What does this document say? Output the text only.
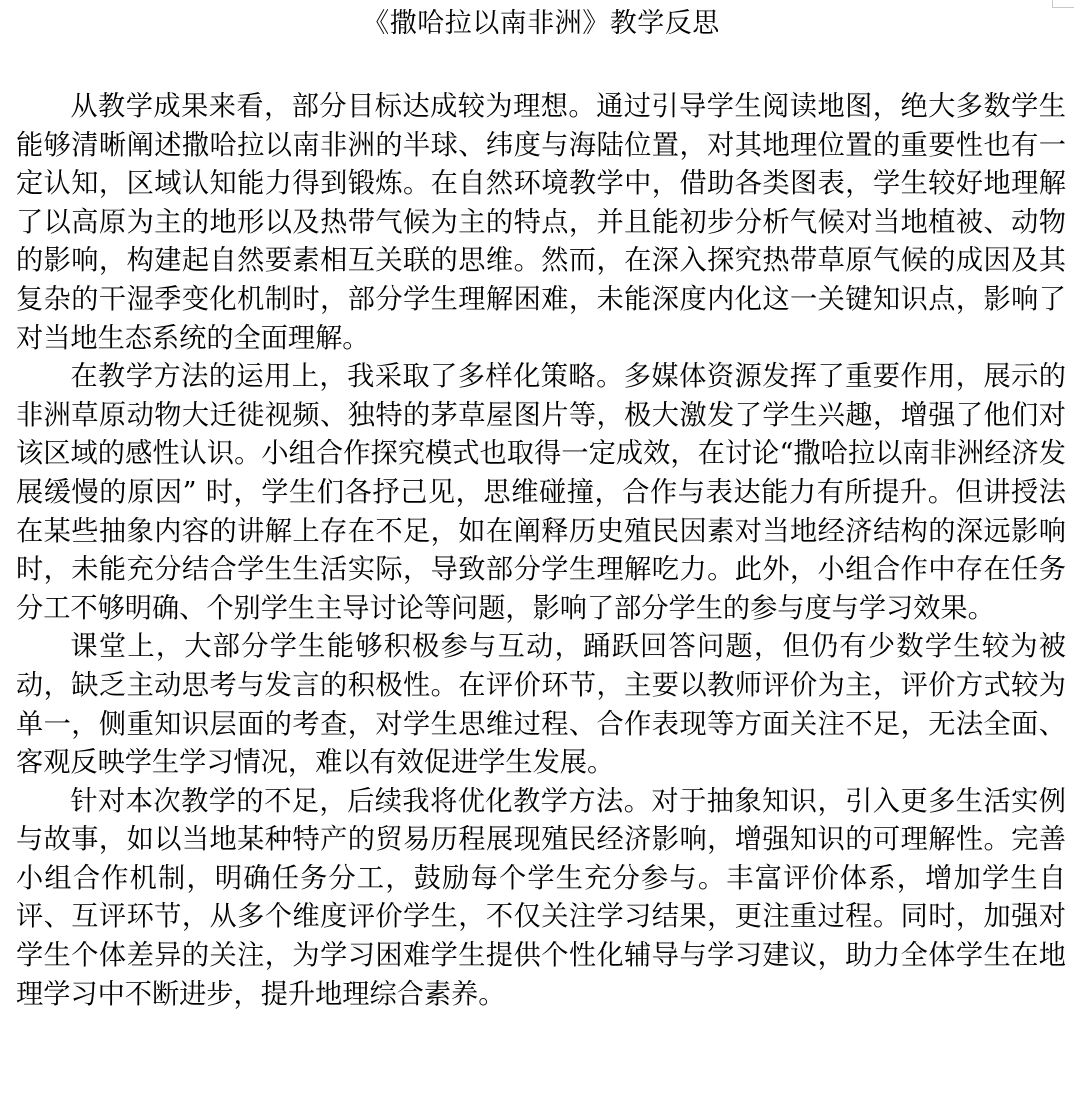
《撒哈拉以南非洲》教学反思

从教学成果来看，部分目标达成较为理想。通过引导学生阅读地图，绝大多数学生能够清晰阐述撒哈拉以南非洲的半球、纬度与海陆位置，对其地理位置的重要性也有一定认知，区域认知能力得到锻炼。在自然环境教学中，借助各类图表，学生较好地理解了以高原为主的地形以及热带气候为主的特点，并且能初步分析气候对当地植被、动物的影响，构建起自然要素相互关联的思维。然而，在深入探究热带草原气候的成因及其复杂的干湿季变化机制时，部分学生理解困难，未能深度内化这一关键知识点，影响了对当地生态系统的全面理解。

在教学方法的运用上，我采取了多样化策略。多媒体资源发挥了重要作用，展示的非洲草原动物大迁徙视频、独特的茅草屋图片等，极大激发了学生兴趣，增强了他们对该区域的感性认识。小组合作探究模式也取得一定成效，在讨论“撒哈拉以南非洲经济发展缓慢的原因” 时，学生们各抒己见，思维碰撞，合作与表达能力有所提升。但讲授法在某些抽象内容的讲解上存在不足，如在阐释历史殖民因素对当地经济结构的深远影响时，未能充分结合学生生活实际，导致部分学生理解吃力。此外，小组合作中存在任务分工不够明确、个别学生主导讨论等问题，影响了部分学生的参与度与学习效果。

课堂上，大部分学生能够积极参与互动，踊跃回答问题，但仍有少数学生较为被动，缺乏主动思考与发言的积极性。在评价环节，主要以教师评价为主，评价方式较为单一，侧重知识层面的考查，对学生思维过程、合作表现等方面关注不足，无法全面、客观反映学生学习情况，难以有效促进学生发展。

针对本次教学的不足，后续我将优化教学方法。对于抽象知识，引入更多生活实例与故事，如以当地某种特产的贸易历程展现殖民经济影响，增强知识的可理解性。完善小组合作机制，明确任务分工，鼓励每个学生充分参与。丰富评价体系，增加学生自评、互评环节，从多个维度评价学生，不仅关注学习结果，更注重过程。同时，加强对学生个体差异的关注，为学习困难学生提供个性化辅导与学习建议，助力全体学生在地理学习中不断进步，提升地理综合素养。
